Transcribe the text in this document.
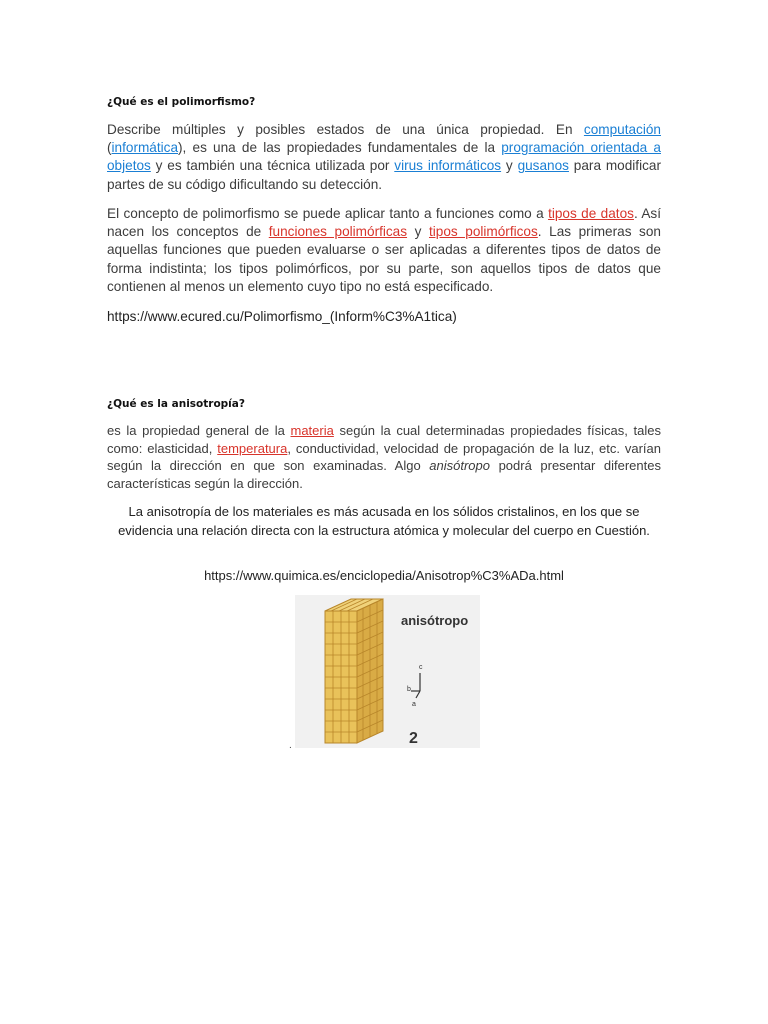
¿Qué es el polimorfismo?

Describe múltiples y posibles estados de una única propiedad. En computación (informática), es una de las propiedades fundamentales de la programación orientada a objetos y es también una técnica utilizada por virus informáticos y gusanos para modificar partes de su código dificultando su detección.

El concepto de polimorfismo se puede aplicar tanto a funciones como a tipos de datos. Así nacen los conceptos de funciones polimórficas y tipos polimórficos. Las primeras son aquellas funciones que pueden evaluarse o ser aplicadas a diferentes tipos de datos de forma indistinta; los tipos polimórficos, por su parte, son aquellos tipos de datos que contienen al menos un elemento cuyo tipo no está especificado.

https://www.ecured.cu/Polimorfismo_(Inform%C3%A1tica)

¿Qué es la anisotropía?

es la propiedad general de la materia según la cual determinadas propiedades físicas, tales como: elasticidad, temperatura, conductividad, velocidad de propagación de la luz, etc. varían según la dirección en que son examinadas. Algo anisótropo podrá presentar diferentes características según la dirección.

La anisotropía de los materiales es más acusada en los sólidos cristalinos, en los que se evidencia una relación directa con la estructura atómica y molecular del cuerpo en Cuestión.

https://www.quimica.es/enciclopedia/Anisotrop%C3%ADa.html

anisótropo
c
b
a
2
.
